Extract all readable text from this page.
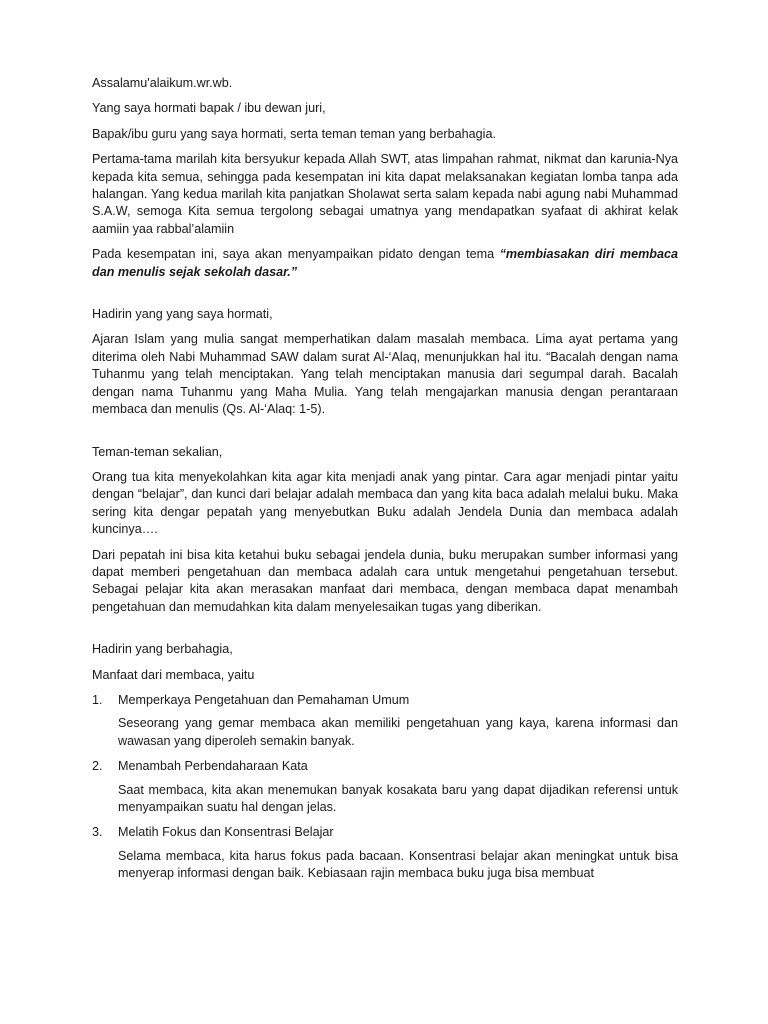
Assalamu'alaikum.wr.wb.

Yang saya hormati bapak / ibu dewan juri,

Bapak/ibu guru yang saya hormati, serta teman teman yang berbahagia.

Pertama-tama marilah kita bersyukur kepada Allah SWT, atas limpahan rahmat, nikmat dan karunia-Nya kepada kita semua, sehingga pada kesempatan ini kita dapat melaksanakan kegiatan lomba tanpa ada halangan. Yang kedua marilah kita panjatkan Sholawat serta salam kepada nabi agung nabi Muhammad S.A.W, semoga Kita semua tergolong sebagai umatnya yang mendapatkan syafaat di akhirat kelak aamiin yaa rabbal’alamiin

Pada kesempatan ini, saya akan menyampaikan pidato dengan tema “membiasakan diri membaca dan menulis sejak sekolah dasar.”

Hadirin yang yang saya hormati,

Ajaran Islam yang mulia sangat memperhatikan dalam masalah membaca. Lima ayat pertama yang diterima oleh Nabi Muhammad SAW dalam surat Al-‘Alaq, menunjukkan hal itu. “Bacalah dengan nama Tuhanmu yang telah menciptakan. Yang telah menciptakan manusia dari segumpal darah. Bacalah dengan nama Tuhanmu yang Maha Mulia. Yang telah mengajarkan manusia dengan perantaraan membaca dan menulis (Qs. Al-‘Alaq: 1-5).

Teman-teman sekalian,

Orang tua kita menyekolahkan kita agar kita menjadi anak yang pintar. Cara agar menjadi pintar yaitu dengan “belajar”, dan kunci dari belajar adalah membaca dan yang kita baca adalah melalui buku. Maka sering kita dengar pepatah yang menyebutkan Buku adalah Jendela Dunia dan membaca adalah kuncinya….

Dari pepatah ini bisa kita ketahui buku sebagai jendela dunia, buku merupakan sumber informasi yang dapat memberi pengetahuan dan membaca adalah cara untuk mengetahui pengetahuan tersebut. Sebagai pelajar kita akan merasakan manfaat dari membaca, dengan membaca dapat menambah pengetahuan dan memudahkan kita dalam menyelesaikan tugas yang diberikan.

Hadirin yang berbahagia,

Manfaat dari membaca, yaitu

1.	Memperkaya Pengetahuan dan Pemahaman Umum

Seseorang yang gemar membaca akan memiliki pengetahuan yang kaya, karena informasi dan wawasan yang diperoleh semakin banyak.

2.	Menambah Perbendaharaan Kata

Saat membaca, kita akan menemukan banyak kosakata baru yang dapat dijadikan referensi untuk menyampaikan suatu hal dengan jelas.

3.	Melatih Fokus dan Konsentrasi Belajar

Selama membaca, kita harus fokus pada bacaan. Konsentrasi belajar akan meningkat untuk bisa menyerap informasi dengan baik. Kebiasaan rajin membaca buku juga bisa membuat
